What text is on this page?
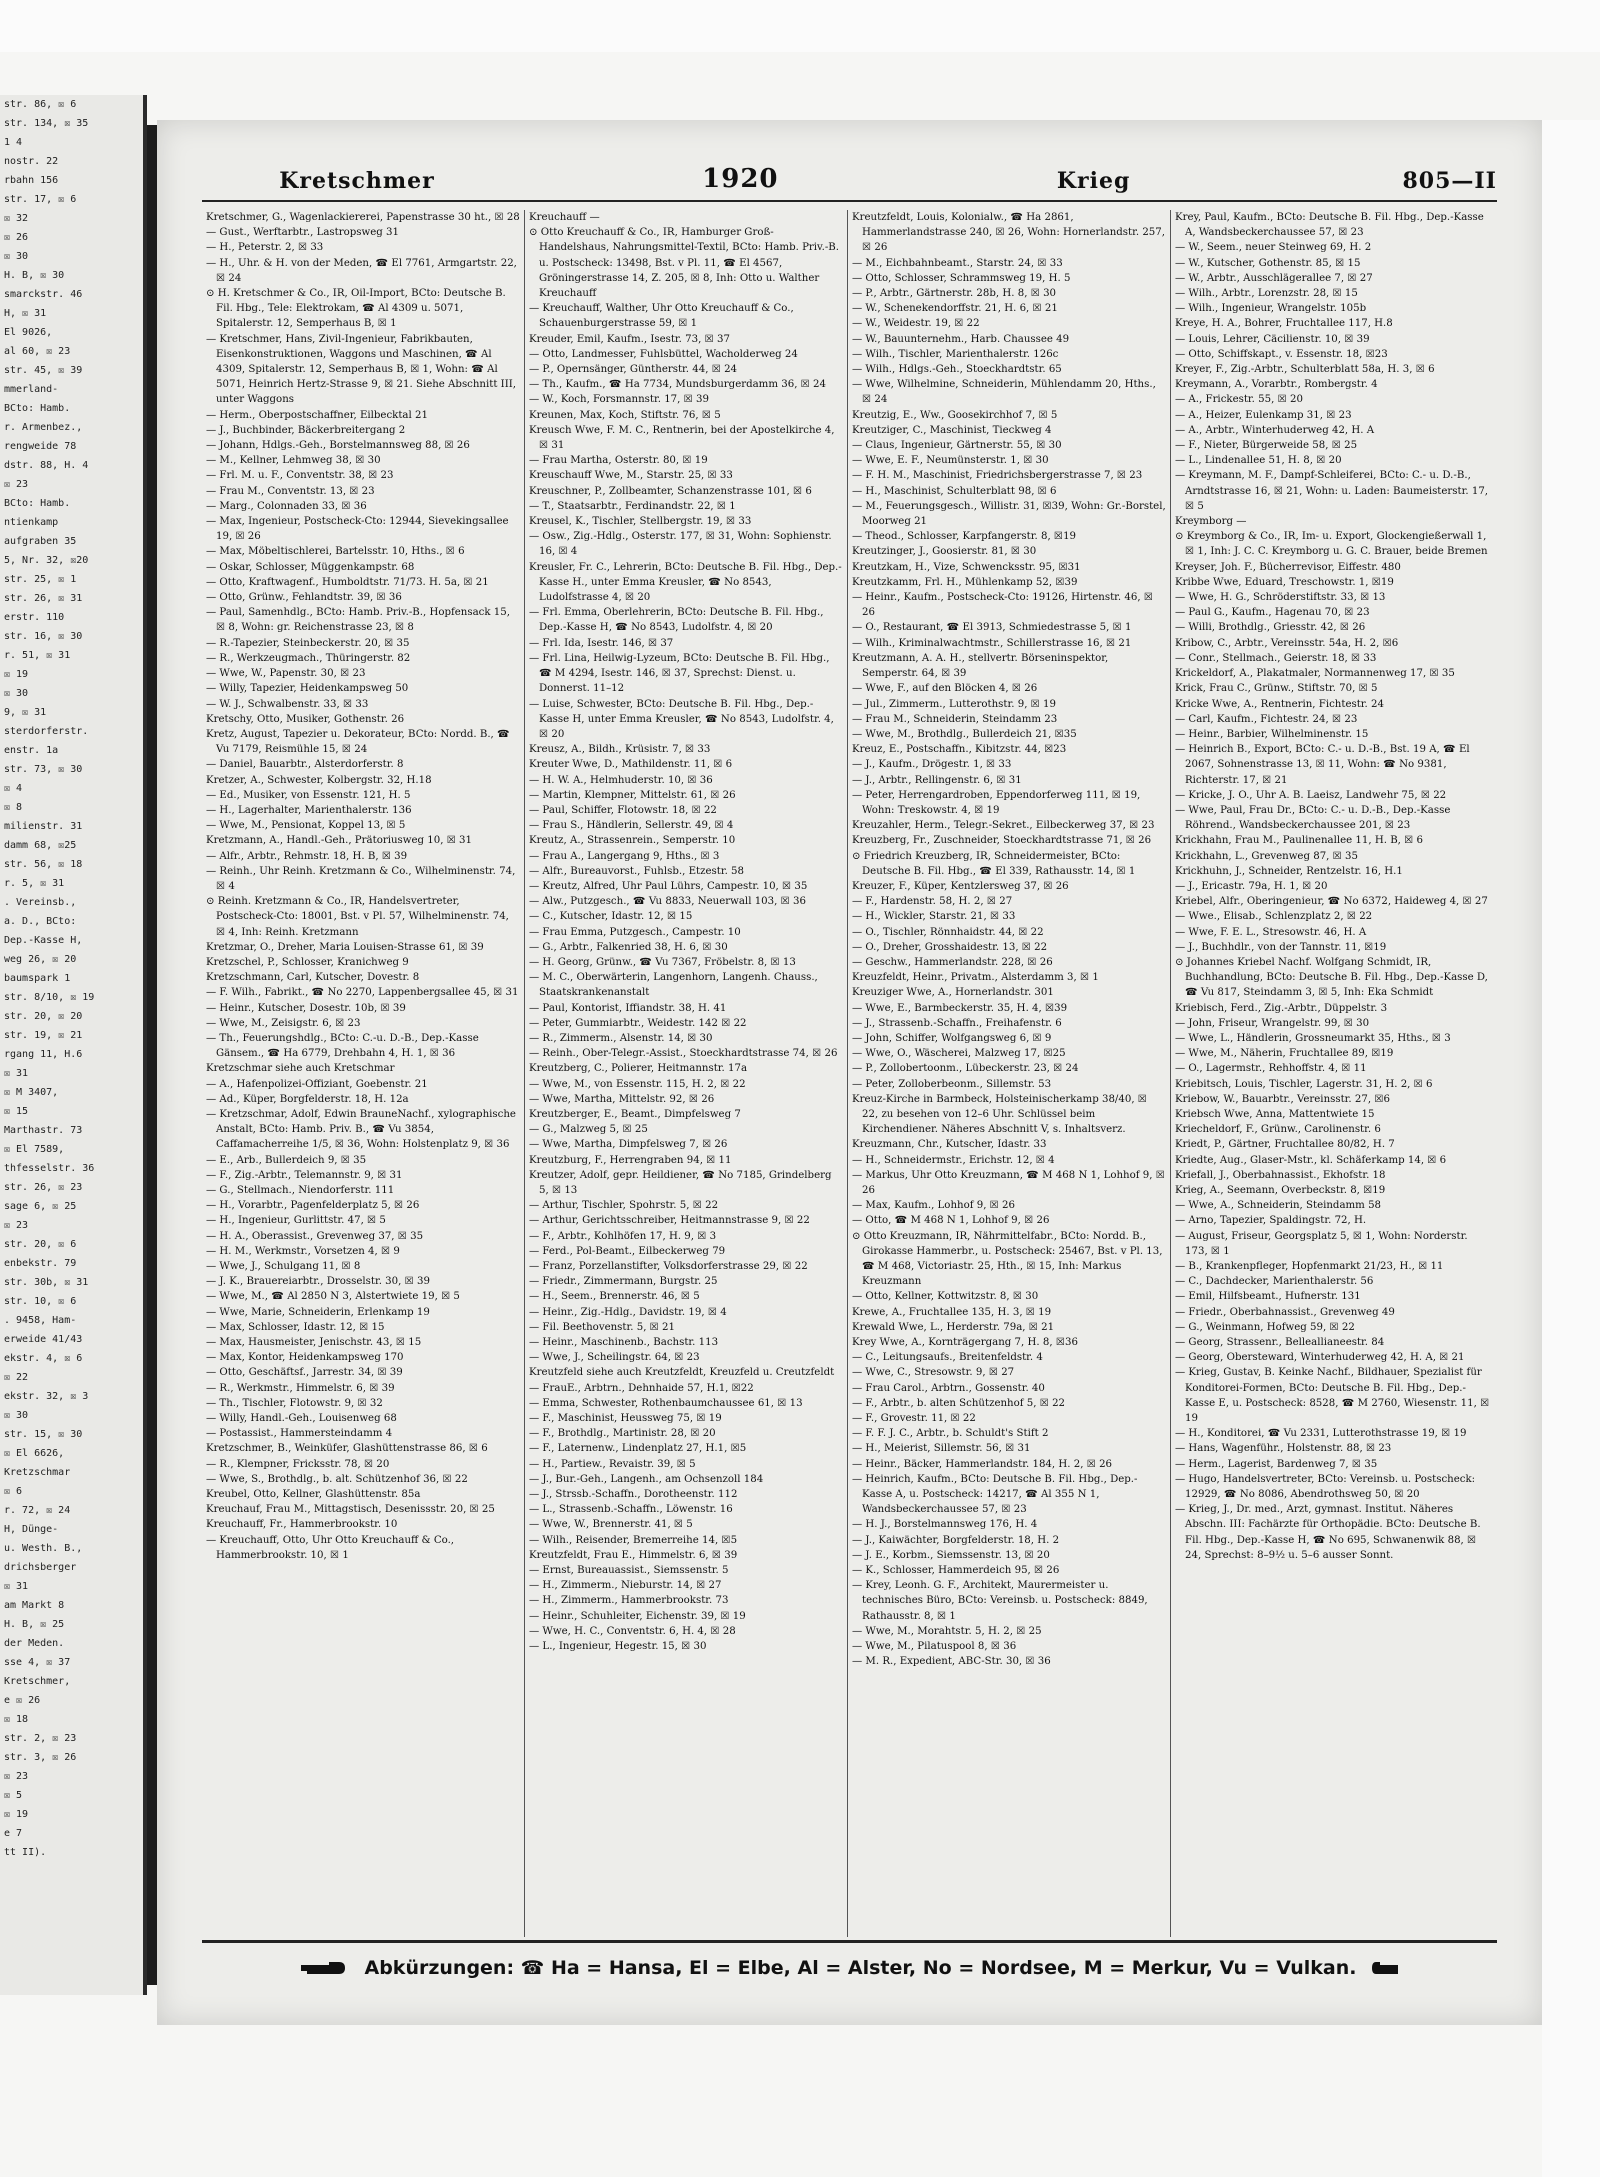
str. 86, ☒ 6
str. 134, ☒ 35
1 4
nostr. 22
rbahn 156
str. 17, ☒ 6
☒ 32
☒ 26
☒ 30
H. B, ☒ 30
smarckstr. 46
H, ☒ 31
El 9026,
al 60, ☒ 23
str. 45, ☒ 39
mmerland-
BCto: Hamb.
r. Armenbez.,
rengweide 78
dstr. 88, H. 4
☒ 23
BCto: Hamb.
ntienkamp
aufgraben 35
5, Nr. 32, ☒20
str. 25, ☒ 1
str. 26, ☒ 31
erstr. 110
str. 16, ☒ 30
r. 51, ☒ 31
☒ 19
☒ 30
9, ☒ 31
sterdorferstr.
enstr. 1a
str. 73, ☒ 30
☒ 4
☒ 8
milienstr. 31
damm 68, ☒25
str. 56, ☒ 18
r. 5, ☒ 31
. Vereinsb.,
a. D., BCto:
Dep.-Kasse H,
weg 26, ☒ 20
baumspark 1
str. 8/10, ☒ 19
str. 20, ☒ 20
str. 19, ☒ 21
rgang 11, H.6
☒ 31
☒ M 3407,
☒ 15
Marthastr. 73
☒ El 7589,
thfesselstr. 36
str. 26, ☒ 23
sage 6, ☒ 25
☒ 23
str. 20, ☒ 6
enbekstr. 79
str. 30b, ☒ 31
str. 10, ☒ 6
. 9458, Ham-
erweide 41/43
ekstr. 4, ☒ 6
☒ 22
ekstr. 32, ☒ 3
☒ 30
str. 15, ☒ 30
☒ El 6626,
Kretzschmar
☒ 6
r. 72, ☒ 24
H, Dünge-
u. Westh. B.,
drichsberger
☒ 31
am Markt 8
H. B, ☒ 25
der Meden.
sse 4, ☒ 37
Kretschmer,
e ☒ 26
☒ 18
str. 2, ☒ 23
str. 3, ☒ 26
☒ 23
☒ 5
☒ 19
e 7
tt II).
Kretschmer	1920	Krieg	805—II

Kretschmer, G., Wagenlackiererei, Papenstrasse 30 ht., ☒ 28

— Gust., Werftarbtr., Lastropsweg 31

— H., Peterstr. 2, ☒ 33

— H., Uhr. & H. von der Meden, ☎ El 7761, Armgartstr. 22, ☒ 24

⊙ H. Kretschmer & Co., IR, Oil-Import, BCto: Deutsche B. Fil. Hbg., Tele: Elektrokam, ☎ Al 4309 u. 5071, Spitalerstr. 12, Semperhaus B, ☒ 1

— Kretschmer, Hans, Zivil-Ingenieur, Fabrikbauten, Eisenkonstruktionen, Waggons und Maschinen, ☎ Al 4309, Spitalerstr. 12, Semperhaus B, ☒ 1, Wohn: ☎ Al 5071, Heinrich Hertz-Strasse 9, ☒ 21. Siehe Abschnitt III, unter Waggons

— Herm., Oberpostschaffner, Eilbecktal 21

— J., Buchbinder, Bäckerbreitergang 2

— Johann, Hdlgs.-Geh., Borstelmannsweg 88, ☒ 26

— M., Kellner, Lehmweg 38, ☒ 30

— Frl. M. u. F., Conventstr. 38, ☒ 23

— Frau M., Conventstr. 13, ☒ 23

— Marg., Colonnaden 33, ☒ 36

— Max, Ingenieur, Postscheck-Cto: 12944, Sievekingsallee 19, ☒ 26

— Max, Möbeltischlerei, Bartelsstr. 10, Hths., ☒ 6

— Oskar, Schlosser, Müggenkampstr. 68

— Otto, Kraftwagenf., Humboldtstr. 71/73. H. 5a, ☒ 21

— Otto, Grünw., Fehlandtstr. 39, ☒ 36

— Paul, Samenhdlg., BCto: Hamb. Priv.-B., Hopfensack 15, ☒ 8, Wohn: gr. Reichenstrasse 23, ☒ 8

— R.-Tapezier, Steinbeckerstr. 20, ☒ 35

— R., Werkzeugmach., Thüringerstr. 82

— Wwe, W., Papenstr. 30, ☒ 23

— Willy, Tapezier, Heidenkampsweg 50

— W. J., Schwalbenstr. 33, ☒ 33

Kretschy, Otto, Musiker, Gothenstr. 26

Kretz, August, Tapezier u. Dekorateur, BCto: Nordd. B., ☎ Vu 7179, Reismühle 15, ☒ 24

— Daniel, Bauarbtr., Alsterdorferstr. 8

Kretzer, A., Schwester, Kolbergstr. 32, H.18

— Ed., Musiker, von Essenstr. 121, H. 5

— H., Lagerhalter, Marienthalerstr. 136

— Wwe, M., Pensionat, Koppel 13, ☒ 5

Kretzmann, A., Handl.-Geh., Prätoriusweg 10, ☒ 31

— Alfr., Arbtr., Rehmstr. 18, H. B, ☒ 39

— Reinh., Uhr Reinh. Kretzmann & Co., Wilhelminenstr. 74, ☒ 4

⊙ Reinh. Kretzmann & Co., IR, Handelsvertreter, Postscheck-Cto: 18001, Bst. v Pl. 57, Wilhelminenstr. 74, ☒ 4, Inh: Reinh. Kretzmann

Kretzmar, O., Dreher, Maria Louisen-Strasse 61, ☒ 39

Kretzschel, P., Schlosser, Kranichweg 9

Kretzschmann, Carl, Kutscher, Dovestr. 8

— F. Wilh., Fabrikt., ☎ No 2270, Lappenbergsallee 45, ☒ 31

— Heinr., Kutscher, Dosestr. 10b, ☒ 39

— Wwe, M., Zeisigstr. 6, ☒ 23

— Th., Feuerungshdlg., BCto: C.-u. D.-B., Dep.-Kasse Gänsem., ☎ Ha 6779, Drehbahn 4, H. 1, ☒ 36

Kretzschmar siehe auch Kretschmar

— A., Hafenpolizei-Offiziant, Goebenstr. 21

— Ad., Küper, Borgfelderstr. 18, H. 12a

— Kretzschmar, Adolf, Edwin BrauneNachf., xylographische Anstalt, BCto: Hamb. Priv. B., ☎ Vu 3854, Caffamacherreihe 1/5, ☒ 36, Wohn: Holstenplatz 9, ☒ 36

— E., Arb., Bullerdeich 9, ☒ 35

— F., Zig.-Arbtr., Telemannstr. 9, ☒ 31

— G., Stellmach., Niendorferstr. 111

— H., Vorarbtr., Pagenfelderplatz 5, ☒ 26

— H., Ingenieur, Gurlittstr. 47, ☒ 5

— H. A., Oberassist., Grevenweg 37, ☒ 35

— H. M., Werkmstr., Vorsetzen 4, ☒ 9

— Wwe, J., Schulgang 11, ☒ 8

— J. K., Brauereiarbtr., Drosselstr. 30, ☒ 39

— Wwe, M., ☎ Al 2850 N 3, Alstertwiete 19, ☒ 5

— Wwe, Marie, Schneiderin, Erlenkamp 19

— Max, Schlosser, Idastr. 12, ☒ 15

— Max, Hausmeister, Jenischstr. 43, ☒ 15

— Max, Kontor, Heidenkampsweg 170

— Otto, Geschäftsf., Jarrestr. 34, ☒ 39

— R., Werkmstr., Himmelstr. 6, ☒ 39

— Th., Tischler, Flotowstr. 9, ☒ 32

— Willy, Handl.-Geh., Louisenweg 68

— Postassist., Hammersteindamm 4

Kretzschmer, B., Weinküfer, Glashüttenstrasse 86, ☒ 6

— R., Klempner, Fricksstr. 78, ☒ 20

— Wwe, S., Brothdlg., b. alt. Schützenhof 36, ☒ 22

Kreubel, Otto, Kellner, Glashüttenstr. 85a

Kreuchauf, Frau M., Mittagstisch, Desenissstr. 20, ☒ 25

Kreuchauff, Fr., Hammerbrookstr. 10

— Kreuchauff, Otto, Uhr Otto Kreuchauff & Co., Hammerbrookstr. 10, ☒ 1

Kreuchauff —

⊙ Otto Kreuchauff & Co., IR, Hamburger Groß-Handelshaus, Nahrungsmittel-Textil, BCto: Hamb. Priv.-B. u. Postscheck: 13498, Bst. v Pl. 11, ☎ El 4567, Gröningerstrasse 14, Z. 205, ☒ 8, Inh: Otto u. Walther Kreuchauff

— Kreuchauff, Walther, Uhr Otto Kreuchauff & Co., Schauenburgerstrasse 59, ☒ 1

Kreuder, Emil, Kaufm., Isestr. 73, ☒ 37

— Otto, Landmesser, Fuhlsbüttel, Wacholderweg 24

— P., Opernsänger, Güntherstr. 44, ☒ 24

— Th., Kaufm., ☎ Ha 7734, Mundsburgerdamm 36, ☒ 24

— W., Koch, Forsmannstr. 17, ☒ 39

Kreunen, Max, Koch, Stiftstr. 76, ☒ 5

Kreusch Wwe, F. M. C., Rentnerin, bei der Apostelkirche 4, ☒ 31

— Frau Martha, Osterstr. 80, ☒ 19

Kreuschauff Wwe, M., Starstr. 25, ☒ 33

Kreuschner, P., Zollbeamter, Schanzenstrasse 101, ☒ 6

— T., Staatsarbtr., Ferdinandstr. 22, ☒ 1

Kreusel, K., Tischler, Stellbergstr. 19, ☒ 33

— Osw., Zig.-Hdlg., Osterstr. 177, ☒ 31, Wohn: Sophienstr. 16, ☒ 4

Kreusler, Fr. C., Lehrerin, BCto: Deutsche B. Fil. Hbg., Dep.-Kasse H., unter Emma Kreusler, ☎ No 8543, Ludolfstrasse 4, ☒ 20

— Frl. Emma, Oberlehrerin, BCto: Deutsche B. Fil. Hbg., Dep.-Kasse H, ☎ No 8543, Ludolfstr. 4, ☒ 20

— Frl. Ida, Isestr. 146, ☒ 37

— Frl. Lina, Heilwig-Lyzeum, BCto: Deutsche B. Fil. Hbg., ☎ M 4294, Isestr. 146, ☒ 37, Sprechst: Dienst. u. Donnerst. 11–12

— Luise, Schwester, BCto: Deutsche B. Fil. Hbg., Dep.-Kasse H, unter Emma Kreusler, ☎ No 8543, Ludolfstr. 4, ☒ 20

Kreusz, A., Bildh., Krüsistr. 7, ☒ 33

Kreuter Wwe, D., Mathildenstr. 11, ☒ 6

— H. W. A., Helmhuderstr. 10, ☒ 36

— Martin, Klempner, Mittelstr. 61, ☒ 26

— Paul, Schiffer, Flotowstr. 18, ☒ 22

— Frau S., Händlerin, Sellerstr. 49, ☒ 4

Kreutz, A., Strassenrein., Semperstr. 10

— Frau A., Langergang 9, Hths., ☒ 3

— Alfr., Bureauvorst., Fuhlsb., Etzestr. 58

— Kreutz, Alfred, Uhr Paul Lührs, Campestr. 10, ☒ 35

— Alw., Putzgesch., ☎ Vu 8833, Neuerwall 103, ☒ 36

— C., Kutscher, Idastr. 12, ☒ 15

— Frau Emma, Putzgesch., Campestr. 10

— G., Arbtr., Falkenried 38, H. 6, ☒ 30

— H. Georg, Grünw., ☎ Vu 7367, Fröbelstr. 8, ☒ 13

— M. C., Oberwärterin, Langenhorn, Langenh. Chauss., Staatskrankenanstalt

— Paul, Kontorist, Iffiandstr. 38, H. 41

— Peter, Gummiarbtr., Weidestr. 142 ☒ 22

— R., Zimmerm., Alsenstr. 14, ☒ 30

— Reinh., Ober-Telegr.-Assist., Stoeckhardtstrasse 74, ☒ 26

Kreutzberg, C., Polierer, Heitmannstr. 17a

— Wwe, M., von Essenstr. 115, H. 2, ☒ 22

— Wwe, Martha, Mittelstr. 92, ☒ 26

Kreutzberger, E., Beamt., Dimpfelsweg 7

— G., Malzweg 5, ☒ 25

— Wwe, Martha, Dimpfelsweg 7, ☒ 26

Kreutzburg, F., Herrengraben 94, ☒ 11

Kreutzer, Adolf, gepr. Heildiener, ☎ No 7185, Grindelberg 5, ☒ 13

— Arthur, Tischler, Spohrstr. 5, ☒ 22

— Arthur, Gerichtsschreiber, Heitmannstrasse 9, ☒ 22

— F., Arbtr., Kohlhöfen 17, H. 9, ☒ 3

— Ferd., Pol-Beamt., Eilbeckerweg 79

— Franz, Porzellanstifter, Volksdorferstrasse 29, ☒ 22

— Friedr., Zimmermann, Burgstr. 25

— H., Seem., Brennerstr. 46, ☒ 5

— Heinr., Zig.-Hdlg., Davidstr. 19, ☒ 4

— Fil. Beethovenstr. 5, ☒ 21

— Heinr., Maschinenb., Bachstr. 113

— Wwe, J., Scheilingstr. 64, ☒ 23

Kreutzfeld siehe auch Kreutzfeldt, Kreuzfeld u. Creutzfeldt

— FrauE., Arbtrn., Dehnhaide 57, H.1, ☒22

— Emma, Schwester, Rothenbaumchaussee 61, ☒ 13

— F., Maschinist, Heussweg 75, ☒ 19

— F., Brothdlg., Martinistr. 28, ☒ 20

— F., Laternenw., Lindenplatz 27, H.1, ☒5

— H., Partiew., Revaistr. 39, ☒ 5

— J., Bur.-Geh., Langenh., am Ochsenzoll 184

— J., Strssb.-Schaffn., Dorotheenstr. 112

— L., Strassenb.-Schaffn., Löwenstr. 16

— Wwe, W., Brennerstr. 41, ☒ 5

— Wilh., Reisender, Bremerreihe 14, ☒5

Kreutzfeldt, Frau E., Himmelstr. 6, ☒ 39

— Ernst, Bureauassist., Siemssenstr. 5

— H., Zimmerm., Nieburstr. 14, ☒ 27

— H., Zimmerm., Hammerbrookstr. 73

— Heinr., Schuhleiter, Eichenstr. 39, ☒ 19

— Wwe, H. C., Conventstr. 6, H. 4, ☒ 28

— L., Ingenieur, Hegestr. 15, ☒ 30

Kreutzfeldt, Louis, Kolonialw., ☎ Ha 2861, Hammerlandstrasse 240, ☒ 26, Wohn: Hornerlandstr. 257, ☒ 26

— M., Eichbahnbeamt., Starstr. 24, ☒ 33

— Otto, Schlosser, Schrammsweg 19, H. 5

— P., Arbtr., Gärtnerstr. 28b, H. 8, ☒ 30

— W., Schenekendorffstr. 21, H. 6, ☒ 21

— W., Weidestr. 19, ☒ 22

— W., Bauunternehm., Harb. Chaussee 49

— Wilh., Tischler, Marienthalerstr. 126c

— Wilh., Hdlgs.-Geh., Stoeckhardtstr. 65

— Wwe, Wilhelmine, Schneiderin, Mühlendamm 20, Hths., ☒ 24

Kreutzig, E., Ww., Goosekirchhof 7, ☒ 5

Kreutziger, C., Maschinist, Tieckweg 4

— Claus, Ingenieur, Gärtnerstr. 55, ☒ 30

— Wwe, E. F., Neumünsterstr. 1, ☒ 30

— F. H. M., Maschinist, Friedrichsbergerstrasse 7, ☒ 23

— H., Maschinist, Schulterblatt 98, ☒ 6

— M., Feuerungsgesch., Willistr. 31, ☒39, Wohn: Gr.-Borstel, Moorweg 21

— Theod., Schlosser, Karpfangerstr. 8, ☒19

Kreutzinger, J., Goosierstr. 81, ☒ 30

Kreutzkam, H., Vize, Schwencksstr. 95, ☒31

Kreutzkamm, Frl. H., Mühlenkamp 52, ☒39

— Heinr., Kaufm., Postscheck-Cto: 19126, Hirtenstr. 46, ☒ 26

— O., Restaurant, ☎ El 3913, Schmiedestrasse 5, ☒ 1

— Wilh., Kriminalwachtmstr., Schillerstrasse 16, ☒ 21

Kreutzmann, A. A. H., stellvertr. Börseninspektor, Semperstr. 64, ☒ 39

— Wwe, F., auf den Blöcken 4, ☒ 26

— Jul., Zimmerm., Lutterothstr. 9, ☒ 19

— Frau M., Schneiderin, Steindamm 23

— Wwe, M., Brothdlg., Bullerdeich 21, ☒35

Kreuz, E., Postschaffn., Kibitzstr. 44, ☒23

— J., Kaufm., Drögestr. 1, ☒ 33

— J., Arbtr., Rellingenstr. 6, ☒ 31

— Peter, Herrengardroben, Eppendorferweg 111, ☒ 19, Wohn: Treskowstr. 4, ☒ 19

Kreuzahler, Herm., Telegr.-Sekret., Eilbeckerweg 37, ☒ 23

Kreuzberg, Fr., Zuschneider, Stoeckhardtstrasse 71, ☒ 26

⊙ Friedrich Kreuzberg, IR, Schneidermeister, BCto: Deutsche B. Fil. Hbg., ☎ El 339, Rathausstr. 14, ☒ 1

Kreuzer, F., Küper, Kentzlersweg 37, ☒ 26

— F., Hardenstr. 58, H. 2, ☒ 27

— H., Wickler, Starstr. 21, ☒ 33

— O., Tischler, Rönnhaidstr. 44, ☒ 22

— O., Dreher, Grosshaidestr. 13, ☒ 22

— Geschw., Hammerlandstr. 228, ☒ 26

Kreuzfeldt, Heinr., Privatm., Alsterdamm 3, ☒ 1

Kreuziger Wwe, A., Hornerlandstr. 301

— Wwe, E., Barmbeckerstr. 35, H. 4, ☒39

— J., Strassenb.-Schaffn., Freihafenstr. 6

— John, Schiffer, Wolfgangsweg 6, ☒ 9

— Wwe, O., Wäscherei, Malzweg 17, ☒25

— P., Zollobertoonm., Lübeckerstr. 23, ☒ 24

— Peter, Zolloberbeonm., Sillemstr. 53

Kreuz-Kirche in Barmbeck, Holsteinischerkamp 38/40, ☒ 22, zu besehen von 12–6 Uhr. Schlüssel beim Kirchendiener. Näheres Abschnitt V, s. Inhaltsverz.

Kreuzmann, Chr., Kutscher, Idastr. 33

— H., Schneidermstr., Erichstr. 12, ☒ 4

— Markus, Uhr Otto Kreuzmann, ☎ M 468 N 1, Lohhof 9, ☒ 26

— Max, Kaufm., Lohhof 9, ☒ 26

— Otto, ☎ M 468 N 1, Lohhof 9, ☒ 26

⊙ Otto Kreuzmann, IR, Nährmittelfabr., BCto: Nordd. B., Girokasse Hammerbr., u. Postscheck: 25467, Bst. v Pl. 13, ☎ M 468, Victoriastr. 25, Hth., ☒ 15, Inh: Markus Kreuzmann

— Otto, Kellner, Kottwitzstr. 8, ☒ 30

Krewe, A., Fruchtallee 135, H. 3, ☒ 19

Krewald Wwe, L., Herderstr. 79a, ☒ 21

Krey Wwe, A., Kornträgergang 7, H. 8, ☒36

— C., Leitungsaufs., Breitenfeldstr. 4

— Wwe, C., Stresowstr. 9, ☒ 27

— Frau Carol., Arbtrn., Gossenstr. 40

— F., Arbtr., b. alten Schützenhof 5, ☒ 22

— F., Grovestr. 11, ☒ 22

— F. F. J. C., Arbtr., b. Schuldt's Stift 2

— H., Meierist, Sillemstr. 56, ☒ 31

— Heinr., Bäcker, Hammerlandstr. 184, H. 2, ☒ 26

— Heinrich, Kaufm., BCto: Deutsche B. Fil. Hbg., Dep.-Kasse A, u. Postscheck: 14217, ☎ Al 355 N 1, Wandsbeckerchaussee 57, ☒ 23

— H. J., Borstelmannsweg 176, H. 4

— J., Kaiwächter, Borgfelderstr. 18, H. 2

— J. E., Korbm., Siemssenstr. 13, ☒ 20

— K., Schlosser, Hammerdeich 95, ☒ 26

— Krey, Leonh. G. F., Architekt, Maurermeister u. technisches Büro, BCto: Vereinsb. u. Postscheck: 8849, Rathausstr. 8, ☒ 1

— Wwe, M., Morahtstr. 5, H. 2, ☒ 25

— Wwe, M., Pilatuspool 8, ☒ 36

— M. R., Expedient, ABC-Str. 30, ☒ 36

Krey, Paul, Kaufm., BCto: Deutsche B. Fil. Hbg., Dep.-Kasse A, Wandsbeckerchaussee 57, ☒ 23

— W., Seem., neuer Steinweg 69, H. 2

— W., Kutscher, Gothenstr. 85, ☒ 15

— W., Arbtr., Ausschlägerallee 7, ☒ 27

— Wilh., Arbtr., Lorenzstr. 28, ☒ 15

— Wilh., Ingenieur, Wrangelstr. 105b

Kreye, H. A., Bohrer, Fruchtallee 117, H.8

— Louis, Lehrer, Cäcilienstr. 10, ☒ 39

— Otto, Schiffskapt., v. Essenstr. 18, ☒23

Kreyer, F., Zig.-Arbtr., Schulterblatt 58a, H. 3, ☒ 6

Kreymann, A., Vorarbtr., Rombergstr. 4

— A., Frickestr. 55, ☒ 20

— A., Heizer, Eulenkamp 31, ☒ 23

— A., Arbtr., Winterhuderweg 42, H. A

— F., Nieter, Bürgerweide 58, ☒ 25

— L., Lindenallee 51, H. 8, ☒ 20

— Kreymann, M. F., Dampf-Schleiferei, BCto: C.- u. D.-B., Arndtstrasse 16, ☒ 21, Wohn: u. Laden: Baumeisterstr. 17, ☒ 5

Kreymborg —

⊙ Kreymborg & Co., IR, Im- u. Export, Glockengießerwall 1, ☒ 1, Inh: J. C. C. Kreymborg u. G. C. Brauer, beide Bremen

Kreyser, Joh. F., Bücherrevisor, Eiffestr. 480

Kribbe Wwe, Eduard, Treschowstr. 1, ☒19

— Wwe, H. G., Schröderstiftstr. 33, ☒ 13

— Paul G., Kaufm., Hagenau 70, ☒ 23

— Willi, Brothdlg., Griesstr. 42, ☒ 26

Kribow, C., Arbtr., Vereinsstr. 54a, H. 2, ☒6

— Conr., Stellmach., Geierstr. 18, ☒ 33

Krickeldorf, A., Plakatmaler, Normannenweg 17, ☒ 35

Krick, Frau C., Grünw., Stiftstr. 70, ☒ 5

Kricke Wwe, A., Rentnerin, Fichtestr. 24

— Carl, Kaufm., Fichtestr. 24, ☒ 23

— Heinr., Barbier, Wilhelminenstr. 15

— Heinrich B., Export, BCto: C.- u. D.-B., Bst. 19 A, ☎ El 2067, Sohnenstrasse 13, ☒ 11, Wohn: ☎ No 9381, Richterstr. 17, ☒ 21

— Kricke, J. O., Uhr A. B. Laeisz, Landwehr 75, ☒ 22

— Wwe, Paul, Frau Dr., BCto: C.- u. D.-B., Dep.-Kasse Röhrend., Wandsbeckerchaussee 201, ☒ 23

Krickhahn, Frau M., Paulinenallee 11, H. B, ☒ 6

Krickhahn, L., Grevenweg 87, ☒ 35

Krickhuhn, J., Schneider, Rentzelstr. 16, H.1

— J., Ericastr. 79a, H. 1, ☒ 20

Kriebel, Alfr., Oberingenieur, ☎ No 6372, Haideweg 4, ☒ 27

— Wwe., Elisab., Schlenzplatz 2, ☒ 22

— Wwe, F. E. L., Stresowstr. 46, H. A

— J., Buchhdlr., von der Tannstr. 11, ☒19

⊙ Johannes Kriebel Nachf. Wolfgang Schmidt, IR, Buchhandlung, BCto: Deutsche B. Fil. Hbg., Dep.-Kasse D, ☎ Vu 817, Steindamm 3, ☒ 5, Inh: Eka Schmidt

Kriebisch, Ferd., Zig.-Arbtr., Düppelstr. 3

— John, Friseur, Wrangelstr. 99, ☒ 30

— Wwe, L., Händlerin, Grossneumarkt 35, Hths., ☒ 3

— Wwe, M., Näherin, Fruchtallee 89, ☒19

— O., Lagermstr., Rehhoffstr. 4, ☒ 11

Kriebitsch, Louis, Tischler, Lagerstr. 31, H. 2, ☒ 6

Kriebow, W., Bauarbtr., Vereinsstr. 27, ☒6

Kriebsch Wwe, Anna, Mattentwiete 15

Kriecheldorf, F., Grünw., Carolinenstr. 6

Kriedt, P., Gärtner, Fruchtallee 80/82, H. 7

Kriedte, Aug., Glaser-Mstr., kl. Schäferkamp 14, ☒ 6

Kriefall, J., Oberbahnassist., Ekhofstr. 18

Krieg, A., Seemann, Overbeckstr. 8, ☒19

— Wwe, A., Schneiderin, Steindamm 58

— Arno, Tapezier, Spaldingstr. 72, H.

— August, Friseur, Georgsplatz 5, ☒ 1, Wohn: Norderstr. 173, ☒ 1

— B., Krankenpfleger, Hopfenmarkt 21/23, H., ☒ 11

— C., Dachdecker, Marienthalerstr. 56

— Emil, Hilfsbeamt., Hufnerstr. 131

— Friedr., Oberbahnassist., Grevenweg 49

— G., Weinmann, Hofweg 59, ☒ 22

— Georg, Strassenr., Belleallianeestr. 84

— Georg, Obersteward, Winterhuderweg 42, H. A, ☒ 21

— Krieg, Gustav, B. Keinke Nachf., Bildhauer, Spezialist für Konditorei-Formen, BCto: Deutsche B. Fil. Hbg., Dep.-Kasse E, u. Postscheck: 8528, ☎ M 2760, Wiesenstr. 11, ☒ 19

— H., Konditorei, ☎ Vu 2331, Lutterothstrasse 19, ☒ 19

— Hans, Wagenführ., Holstenstr. 88, ☒ 23

— Herm., Lagerist, Bardenweg 7, ☒ 35

— Hugo, Handelsvertreter, BCto: Vereinsb. u. Postscheck: 12929, ☎ No 8086, Abendrothsweg 50, ☒ 20

— Krieg, J., Dr. med., Arzt, gymnast. Institut. Näheres Abschn. III: Fachärzte für Orthopädie. BCto: Deutsche B. Fil. Hbg., Dep.-Kasse H, ☎ No 695, Schwanenwik 88, ☒ 24, Sprechst: 8–9½ u. 5–6 ausser Sonnt.

Abkürzungen: ☎ Ha = Hansa, El = Elbe, Al = Alster, No = Nordsee, M = Merkur, Vu = Vulkan.
